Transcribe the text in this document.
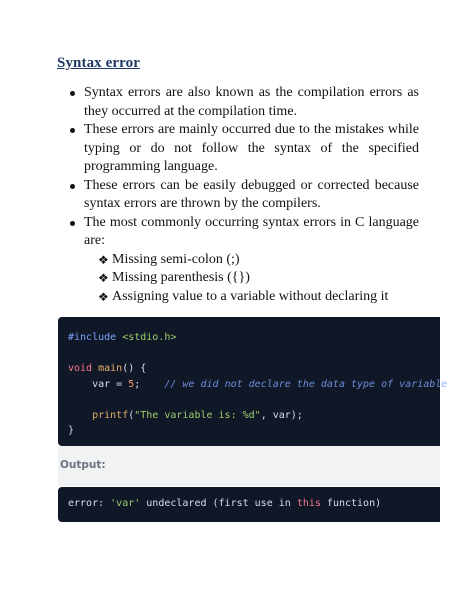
Syntax error
Syntax errors are also known as the compilation errors as they occurred at the compilation time.
These errors are mainly occurred due to the mistakes while typing or do not follow the syntax of the specified programming language.
These errors can be easily debugged or corrected because syntax errors are thrown by the compilers.
The most commonly occurring syntax errors in C language are:
❖ Missing semi-colon (;)
❖ Missing parenthesis ({})
❖ Assigning value to a variable without declaring it
#include <stdio.h>

void main() {
var = 5;    // we did not declare the data type of variable

printf("The variable is: %d", var);
}
Output:
error: 'var' undeclared (first use in this function)
